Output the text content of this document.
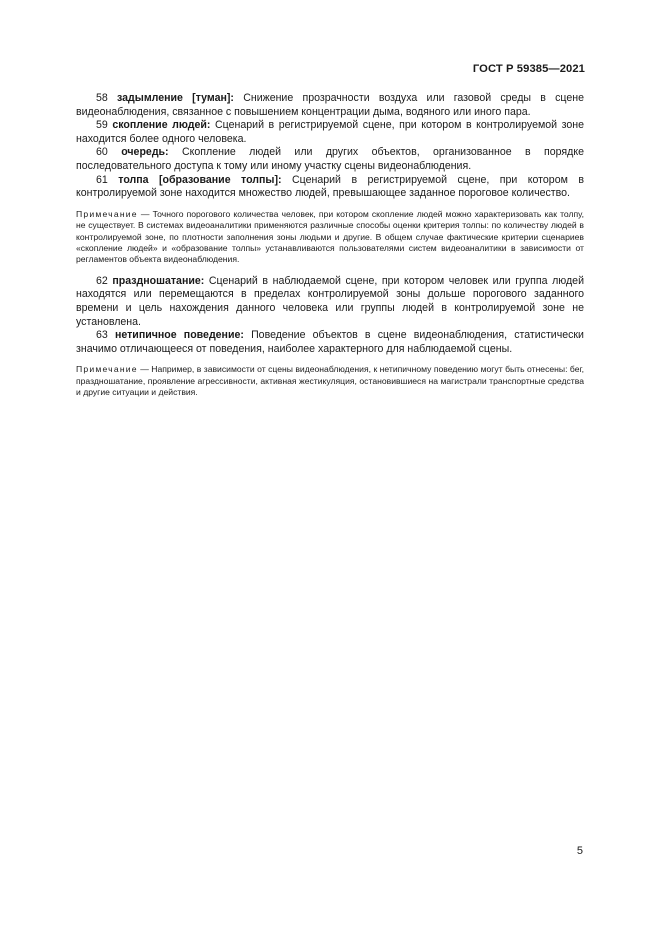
ГОСТ Р 59385—2021

58 задымление [туман]: Снижение прозрачности воздуха или газовой среды в сцене видеонаблюдения, связанное с повышением концентрации дыма, водяного или иного пара.

59 скопление людей: Сценарий в регистрируемой сцене, при котором в контролируемой зоне находится более одного человека.

60 очередь: Скопление людей или других объектов, организованное в порядке последовательного доступа к тому или иному участку сцены видеонаблюдения.

61 толпа [образование толпы]: Сценарий в регистрируемой сцене, при котором в контролируемой зоне находится множество людей, превышающее заданное пороговое количество.

Примечание — Точного порогового количества человек, при котором скопление людей можно характеризовать как толпу, не существует. В системах видеоаналитики применяются различные способы оценки критерия толпы: по количеству людей в контролируемой зоне, по плотности заполнения зоны людьми и другие. В общем случае фактические критерии сценариев «скопление людей» и «образование толпы» устанавливаются пользователями систем видеоаналитики в зависимости от регламентов объекта видеонаблюдения.

62 праздношатание: Сценарий в наблюдаемой сцене, при котором человек или группа людей находятся или перемещаются в пределах контролируемой зоны дольше порогового заданного времени и цель нахождения данного человека или группы людей в контролируемой зоне не установлена.

63 нетипичное поведение: Поведение объектов в сцене видеонаблюдения, статистически значимо отличающееся от поведения, наиболее характерного для наблюдаемой сцены.

Примечание — Например, в зависимости от сцены видеонаблюдения, к нетипичному поведению могут быть отнесены: бег, праздношатание, проявление агрессивности, активная жестикуляция, остановившиеся на магистрали транспортные средства и другие ситуации и действия.

5
